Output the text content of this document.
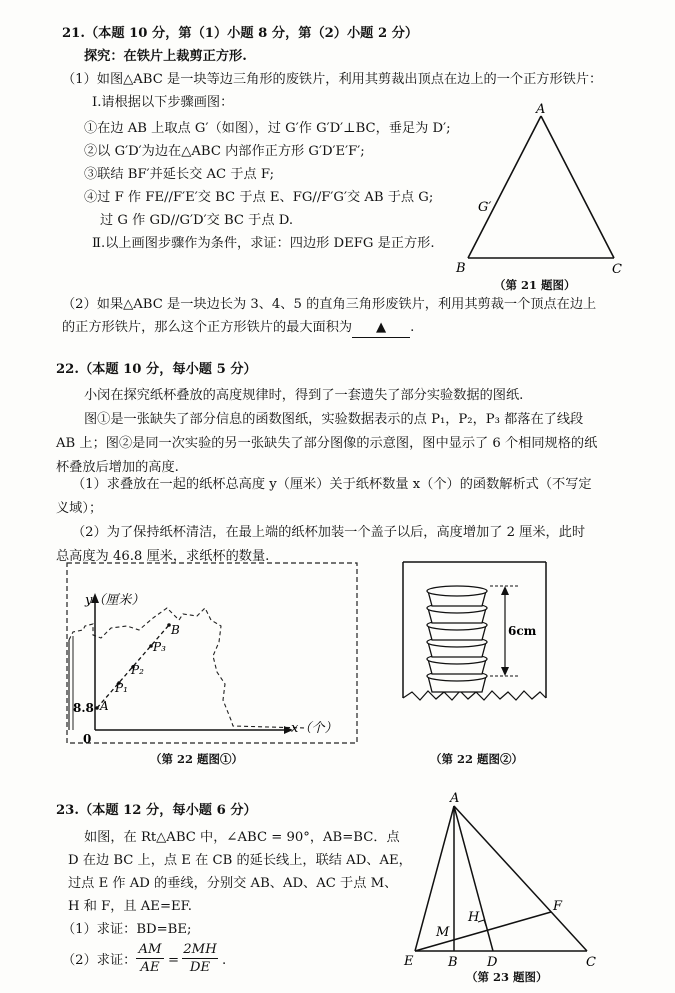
21.（本题 10 分，第（1）小题 8 分，第（2）小题 2 分）
探究：在铁片上裁剪正方形.
（1）如图△ABC 是一块等边三角形的废铁片，利用其剪裁出顶点在边上的一个正方形铁片：
Ⅰ.请根据以下步骤画图：
①在边 AB 上取点 G′（如图），过 G′作 G′D′⊥BC，垂足为 D′;
②以 G′D′为边在△ABC 内部作正方形 G′D′E′F′;
③联结 BF′并延长交 AC 于点 F;
④过 F 作 FE//F′E′交 BC 于点 E、FG//F′G′交 AB 于点 G;
过 G 作 GD//G′D′交 BC 于点 D.
Ⅱ.以上画图步骤作为条件，求证：四边形 DEFG 是正方形.
A
B	C
G′
（第 21 题图）
（2）如果△ABC 是一块边长为 3、4、5 的直角三角形废铁片，利用其剪裁一个顶点在边上
的正方形铁片，那么这个正方形铁片的最大面积为 ▲ .
22.（本题 10 分，每小题 5 分）
小闵在探究纸杯叠放的高度规律时，得到了一套遗失了部分实验数据的图纸.
图①是一张缺失了部分信息的函数图纸，实验数据表示的点 P₁，P₂，P₃ 都落在了线段
AB 上；图②是同一次实验的另一张缺失了部分图像的示意图，图中显示了 6 个相同规格的纸
杯叠放后增加的高度.
（1）求叠放在一起的纸杯总高度 y（厘米）关于纸杯数量 x（个）的函数解析式（不写定
义域）；
（2）为了保持纸杯清洁，在最上端的纸杯加装一个盖子以后，高度增加了 2 厘米，此时
总高度为 46.8 厘米，求纸杯的数量.
y（厘米）
x（个）
0
8.8 A
B
P₁
P₂
P₃
（第 22 题图①）
6cm
（第 22 题图②）
23.（本题 12 分，每小题 6 分）
如图，在 Rt△ABC 中，∠ABC = 90°，AB=BC．点
D 在边 BC 上，点 E 在 CB 的延长线上，联结 AD、AE，
过点 E 作 AD 的垂线，分别交 AB、AD、AC 于点 M、
H 和 F，且 AE=EF.
（1）求证：BD=BE;
（2）求证： $\frac{AM}{AE} = \frac{2MH}{DE}$ .
A
B	C
D
E
F
H
M
（第 23 题图）
